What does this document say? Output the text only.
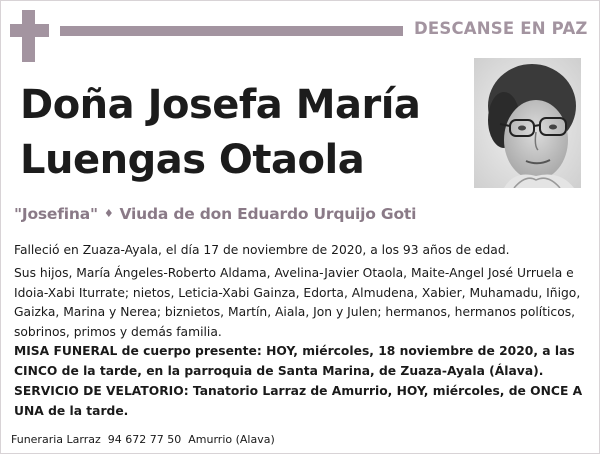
DESCANSE EN PAZ
Doña Josefa María
Luengas Otaola
"Josefina" ♦ Viuda de don Eduardo Urquijo Goti
Falleció en Zuaza-Ayala, el día 17 de noviembre de 2020, a los 93 años de edad.
Sus hijos, María Ángeles-Roberto Aldama, Avelina-Javier Otaola, Maite-Angel José Urruela e Idoia-Xabi Iturrate; nietos, Leticia-Xabi Gainza, Edorta, Almudena, Xabier, Muhamadu, Iñigo, Gaizka, Marina y Nerea; biznietos, Martín, Aiala, Jon y Julen; hermanos, hermanos políticos, sobrinos, primos y demás familia.
MISA FUNERAL de cuerpo presente: HOY, miércoles, 18 noviembre de 2020, a las CINCO de la tarde, en la parroquia de Santa Marina, de Zuaza-Ayala (Álava).
SERVICIO DE VELATORIO: Tanatorio Larraz de Amurrio, HOY, miércoles, de ONCE A UNA de la tarde.
Funeraria Larraz 94 672 77 50 Amurrio (Alava)
